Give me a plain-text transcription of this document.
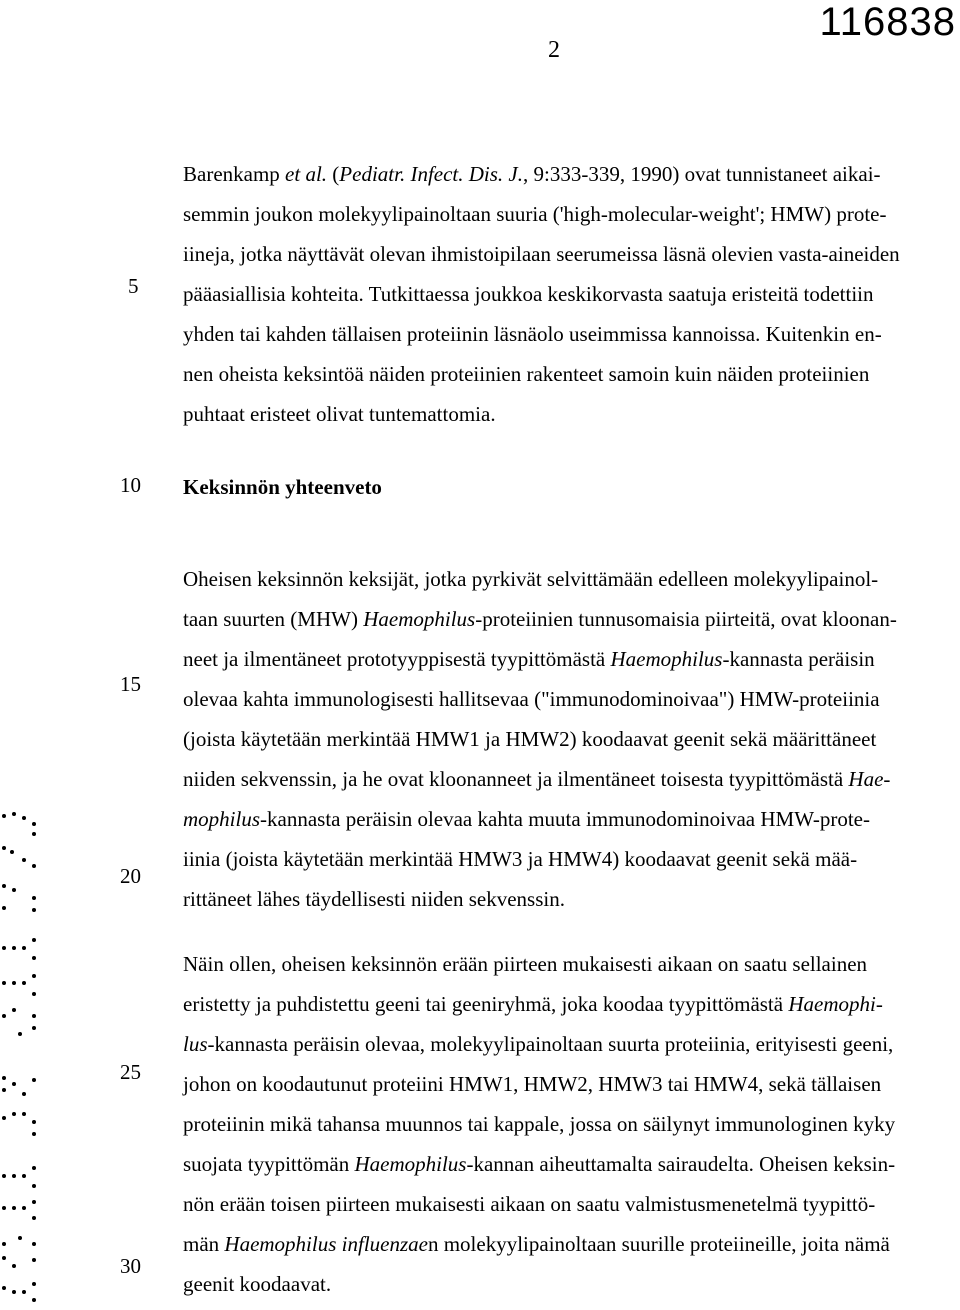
116838
2
Barenkamp et al. (Pediatr. Infect. Dis. J., 9:333-339, 1990) ovat tunnistaneet aikai-
semmin joukon molekyylipainoltaan suuria ('high-molecular-weight'; HMW) prote-
iineja, jotka näyttävät olevan ihmistoipilaan seerumeissa läsnä olevien vasta-aineiden
pääasiallisia kohteita. Tutkittaessa joukkoa keskikorvasta saatuja eristeitä todettiin
yhden tai kahden tällaisen proteiinin läsnäolo useimmissa kannoissa. Kuitenkin en-
nen oheista keksintöä näiden proteiinien rakenteet samoin kuin näiden proteiinien
puhtaat eristeet olivat tuntemattomia.
Keksinnön yhteenveto
Oheisen keksinnön keksijät, jotka pyrkivät selvittämään edelleen molekyylipainol-
taan suurten (MHW) Haemophilus-proteiinien tunnusomaisia piirteitä, ovat kloonan-
neet ja ilmentäneet prototyyppisestä tyypittömästä Haemophilus-kannasta peräisin
olevaa kahta immunologisesti hallitsevaa ("immunodominoivaa") HMW-proteiinia
(joista käytetään merkintää HMW1 ja HMW2) koodaavat geenit sekä määrittäneet
niiden sekvenssin, ja he ovat kloonanneet ja ilmentäneet toisesta tyypittömästä Hae-
mophilus-kannasta peräisin olevaa kahta muuta immunodominoivaa HMW-prote-
iinia (joista käytetään merkintää HMW3 ja HMW4) koodaavat geenit sekä mää-
rittäneet lähes täydellisesti niiden sekvenssin.
Näin ollen, oheisen keksinnön erään piirteen mukaisesti aikaan on saatu sellainen
eristetty ja puhdistettu geeni tai geeniryhmä, joka koodaa tyypittömästä Haemophi-
lus-kannasta peräisin olevaa, molekyylipainoltaan suurta proteiinia, erityisesti geeni,
johon on koodautunut proteiini HMW1, HMW2, HMW3 tai HMW4, sekä tällaisen
proteiinin mikä tahansa muunnos tai kappale, jossa on säilynyt immunologinen kyky
suojata tyypittömän Haemophilus-kannan aiheuttamalta sairaudelta. Oheisen keksin-
nön erään toisen piirteen mukaisesti aikaan on saatu valmistusmenetelmä tyypittö-
män Haemophilus influenzaen molekyylipainoltaan suurille proteiineille, joita nämä
geenit koodaavat.
5
10
15
20
25
30
